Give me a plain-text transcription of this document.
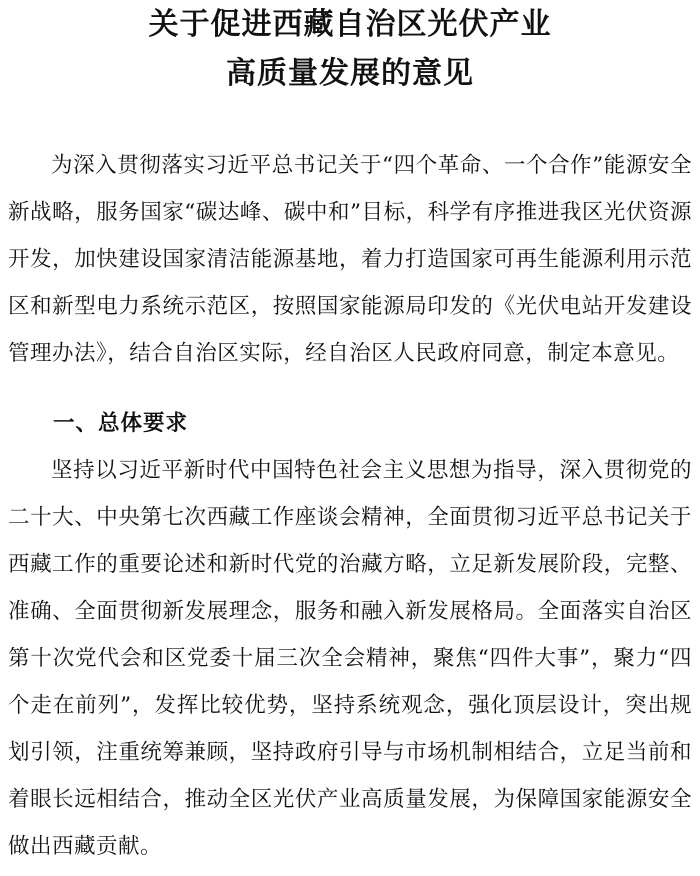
关于促进西藏自治区光伏产业
高质量发展的意见

为深入贯彻落实习近平总书记关于“四个革命、一个合作”能源安全新战略，服务国家“碳达峰、碳中和”目标，科学有序推进我区光伏资源开发，加快建设国家清洁能源基地，着力打造国家可再生能源利用示范区和新型电力系统示范区，按照国家能源局印发的《光伏电站开发建设管理办法》，结合自治区实际，经自治区人民政府同意，制定本意见。

一、总体要求

坚持以习近平新时代中国特色社会主义思想为指导，深入贯彻党的二十大、中央第七次西藏工作座谈会精神，全面贯彻习近平总书记关于西藏工作的重要论述和新时代党的治藏方略，立足新发展阶段，完整、准确、全面贯彻新发展理念，服务和融入新发展格局。全面落实自治区第十次党代会和区党委十届三次全会精神，聚焦“四件大事”，聚力“四个走在前列”，发挥比较优势，坚持系统观念，强化顶层设计，突出规划引领，注重统筹兼顾，坚持政府引导与市场机制相结合，立足当前和着眼长远相结合，推动全区光伏产业高质量发展，为保障国家能源安全做出西藏贡献。
